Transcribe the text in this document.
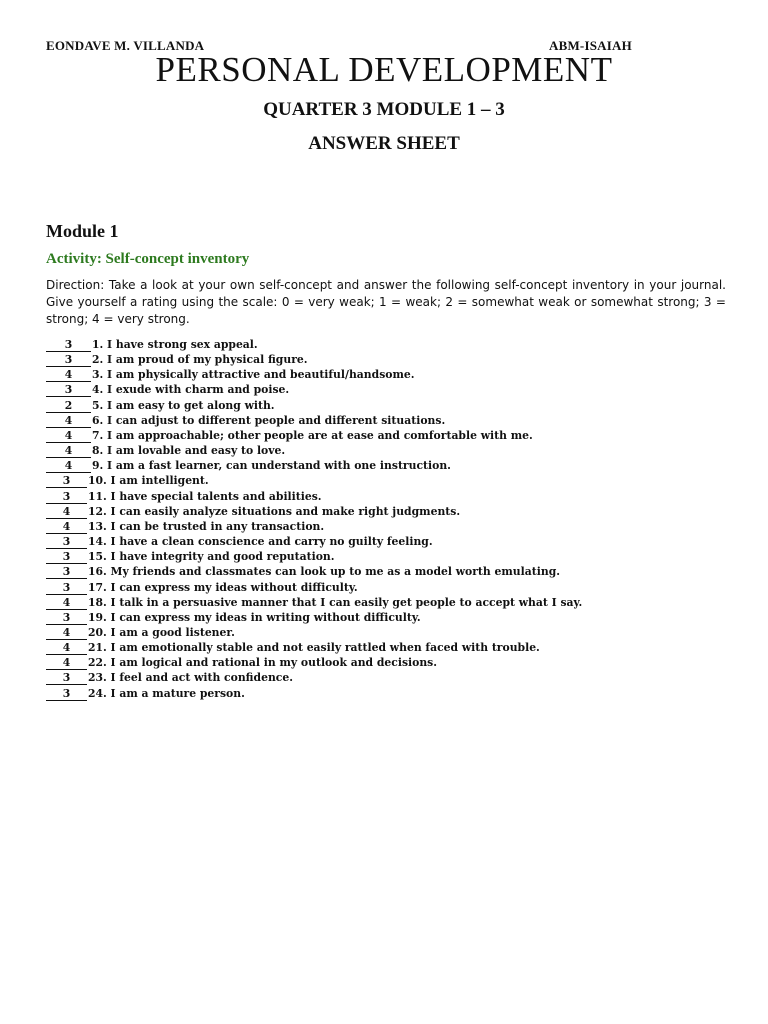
EONDAVE M. VILLANDA	ABM-ISAIAH
PERSONAL DEVELOPMENT
QUARTER 3 MODULE 1 – 3
ANSWER SHEET
Module 1
Activity: Self-concept inventory
Direction: Take a look at your own self-concept and answer the following self-concept inventory in your journal. Give yourself a rating using the scale: 0 = very weak; 1 = weak; 2 = somewhat weak or somewhat strong; 3 = strong; 4 = very strong.
3 1. I have strong sex appeal.
3 2. I am proud of my physical figure.
4 3. I am physically attractive and beautiful/handsome.
3 4. I exude with charm and poise.
2 5. I am easy to get along with.
4 6. I can adjust to different people and different situations.
4 7. I am approachable; other people are at ease and comfortable with me.
4 8. I am lovable and easy to love.
4 9. I am a fast learner, can understand with one instruction.
3 10. I am intelligent.
3 11. I have special talents and abilities.
4 12. I can easily analyze situations and make right judgments.
4 13. I can be trusted in any transaction.
3 14. I have a clean conscience and carry no guilty feeling.
3 15. I have integrity and good reputation.
3 16. My friends and classmates can look up to me as a model worth emulating.
3 17. I can express my ideas without difficulty.
4 18. I talk in a persuasive manner that I can easily get people to accept what I say.
3 19. I can express my ideas in writing without difficulty.
4 20. I am a good listener.
4 21. I am emotionally stable and not easily rattled when faced with trouble.
4 22. I am logical and rational in my outlook and decisions.
3 23. I feel and act with confidence.
3 24. I am a mature person.
